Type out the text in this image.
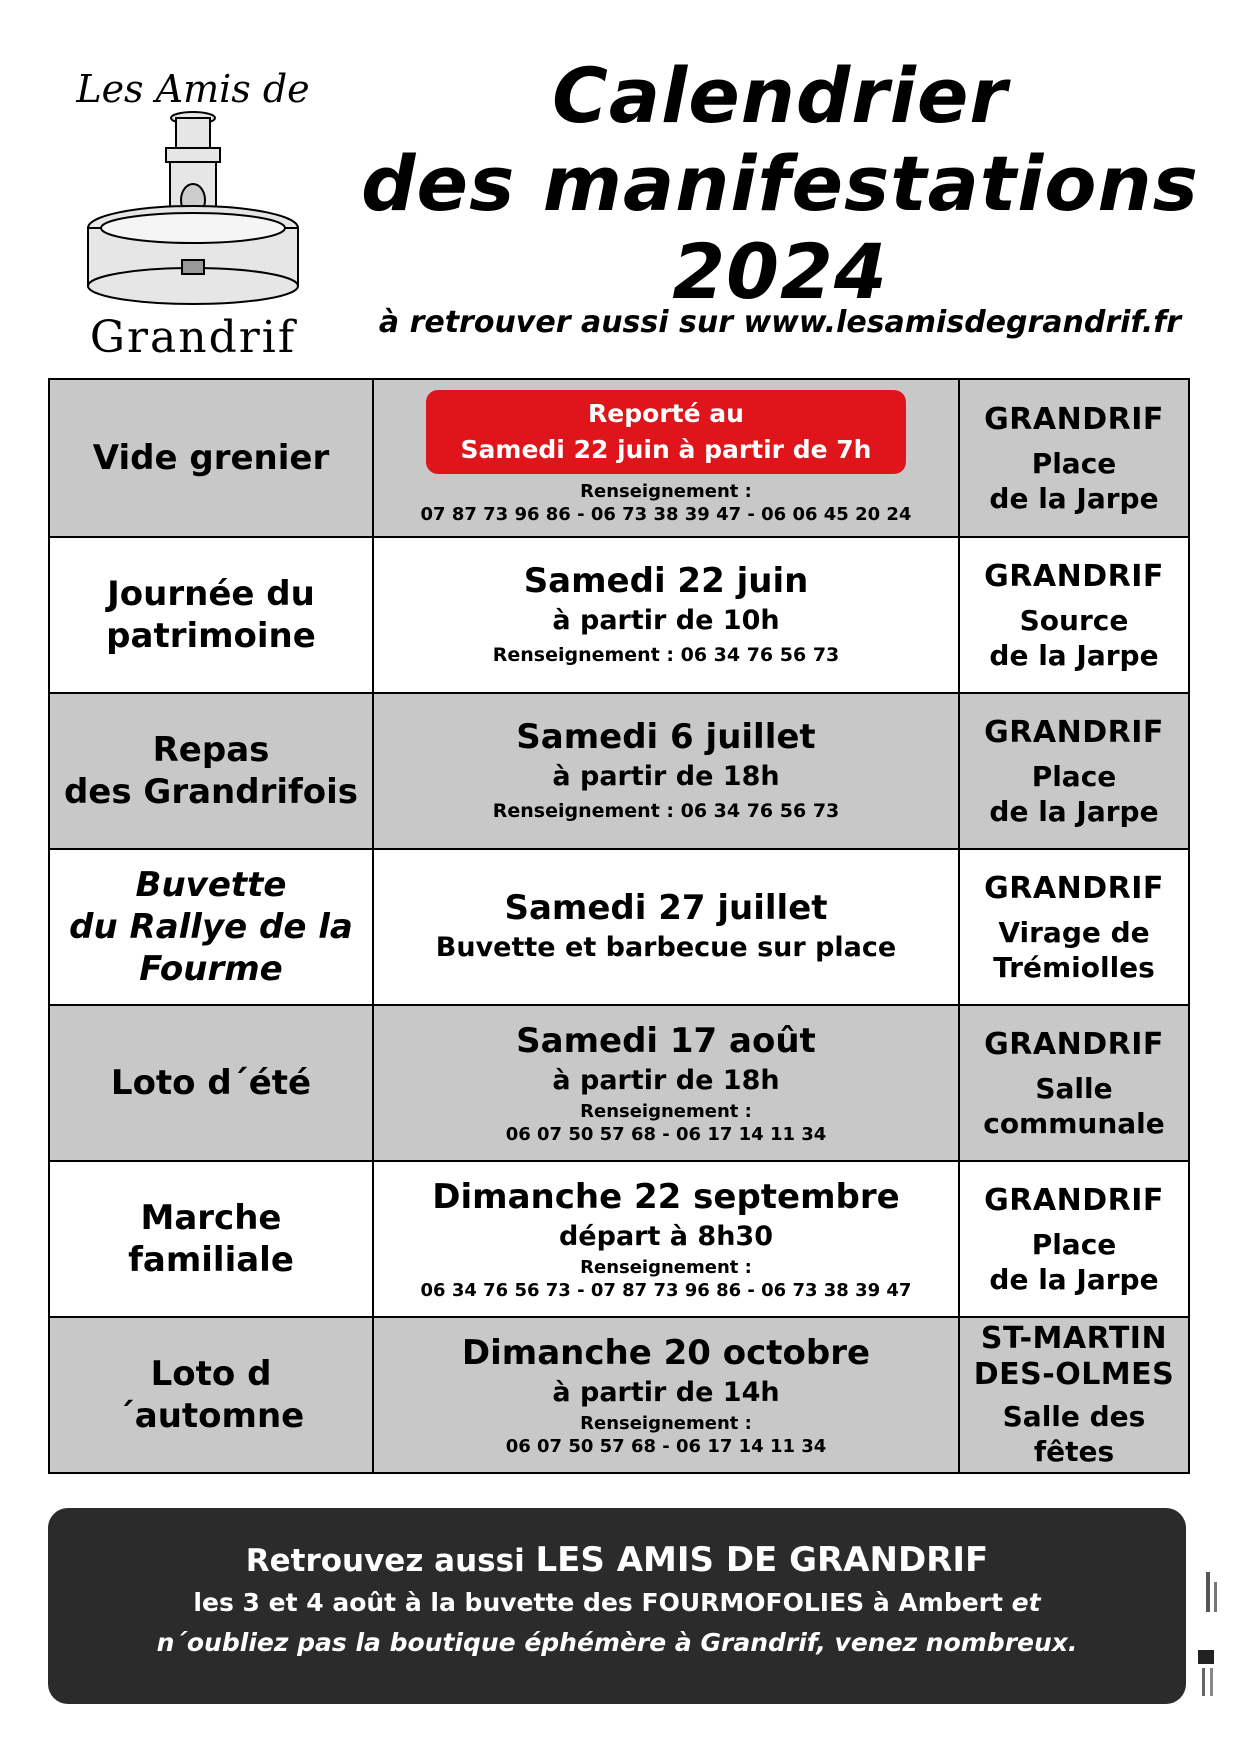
Les Amis de
Grandrif
Calendrier
des manifestations
2024
à retrouver aussi sur www.lesamisdegrandrif.fr
Vide grenier
Reporté au
Samedi 22 juin à partir de 7h
Renseignement :
07 87 73 96 86 - 06 73 38 39 47 - 06 06 45 20 24
GRANDRIF
Place
de la Jarpe
Journée du
patrimoine
Samedi 22 juin
à partir de 10h
Renseignement : 06 34 76 56 73
GRANDRIF
Source
de la Jarpe
Repas
des Grandrifois
Samedi 6 juillet
à partir de 18h
Renseignement : 06 34 76 56 73
GRANDRIF
Place
de la Jarpe
Buvette
du Rallye de la
Fourme
Samedi 27 juillet
Buvette et barbecue sur place
GRANDRIF
Virage de
Trémiolles
Loto d´été
Samedi 17 août
à partir de 18h
Renseignement :
06 07 50 57 68 - 06 17 14 11 34
GRANDRIF
Salle
communale
Marche
familiale
Dimanche 22 septembre
départ à 8h30
Renseignement :
06 34 76 56 73 - 07 87 73 96 86 - 06 73 38 39 47
GRANDRIF
Place
de la Jarpe
Loto d´automne
Dimanche 20 octobre
à partir de 14h
Renseignement :
06 07 50 57 68 - 06 17 14 11 34
ST-MARTIN
DES-OLMES
Salle des fêtes
Retrouvez aussi LES AMIS DE GRANDRIF
les 3 et 4 août à la buvette des FOURMOFOLIES à Ambert et
n´oubliez pas la boutique éphémère à Grandrif, venez nombreux.
